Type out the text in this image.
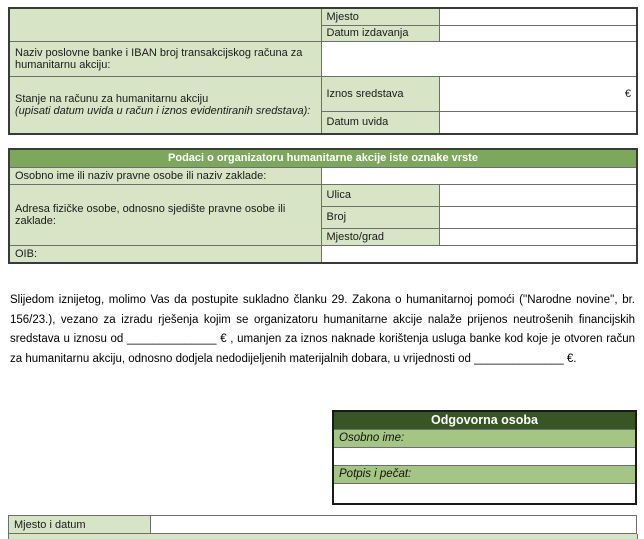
	Mjesto	
	Datum izdavanja	
Naziv poslovne banke i IBAN broj transakcijskog računa za humanitarnu akciju:		
Stanje na računu za humanitarnu akciju
(upisati datum uvida u račun i iznos evidentiranih sredstava):	Iznos sredstava	€
	Datum uvida	
Podaci o organizatoru humanitarne akcije iste oznake vrste		
Osobno ime ili naziv pravne osobe ili naziv zaklade:		
Adresa fizičke osobe, odnosno sjedište pravne osobe ili zaklade:	Ulica	
	Broj	
	Mjesto/grad	
OIB:		
Slijedom iznijetog, molimo Vas da postupite sukladno članku 29. Zakona o humanitarnoj pomoći (''Narodne novine'', br. 156/23.), vezano za izradu rješenja kojim se organizatoru humanitarne akcije nalaže prijenos neutrošenih financijskih sredstava u iznosu od ______________ € , umanjen za iznos naknade korištenja usluga banke kod koje je otvoren račun za humanitarnu akciju, odnosno dodjela nedodijeljenih materijalnih dobara, u vrijednosti od ______________ €.
Odgovorna osoba
Osobno ime:

Potpis i pečat:

Mjesto i datum	
